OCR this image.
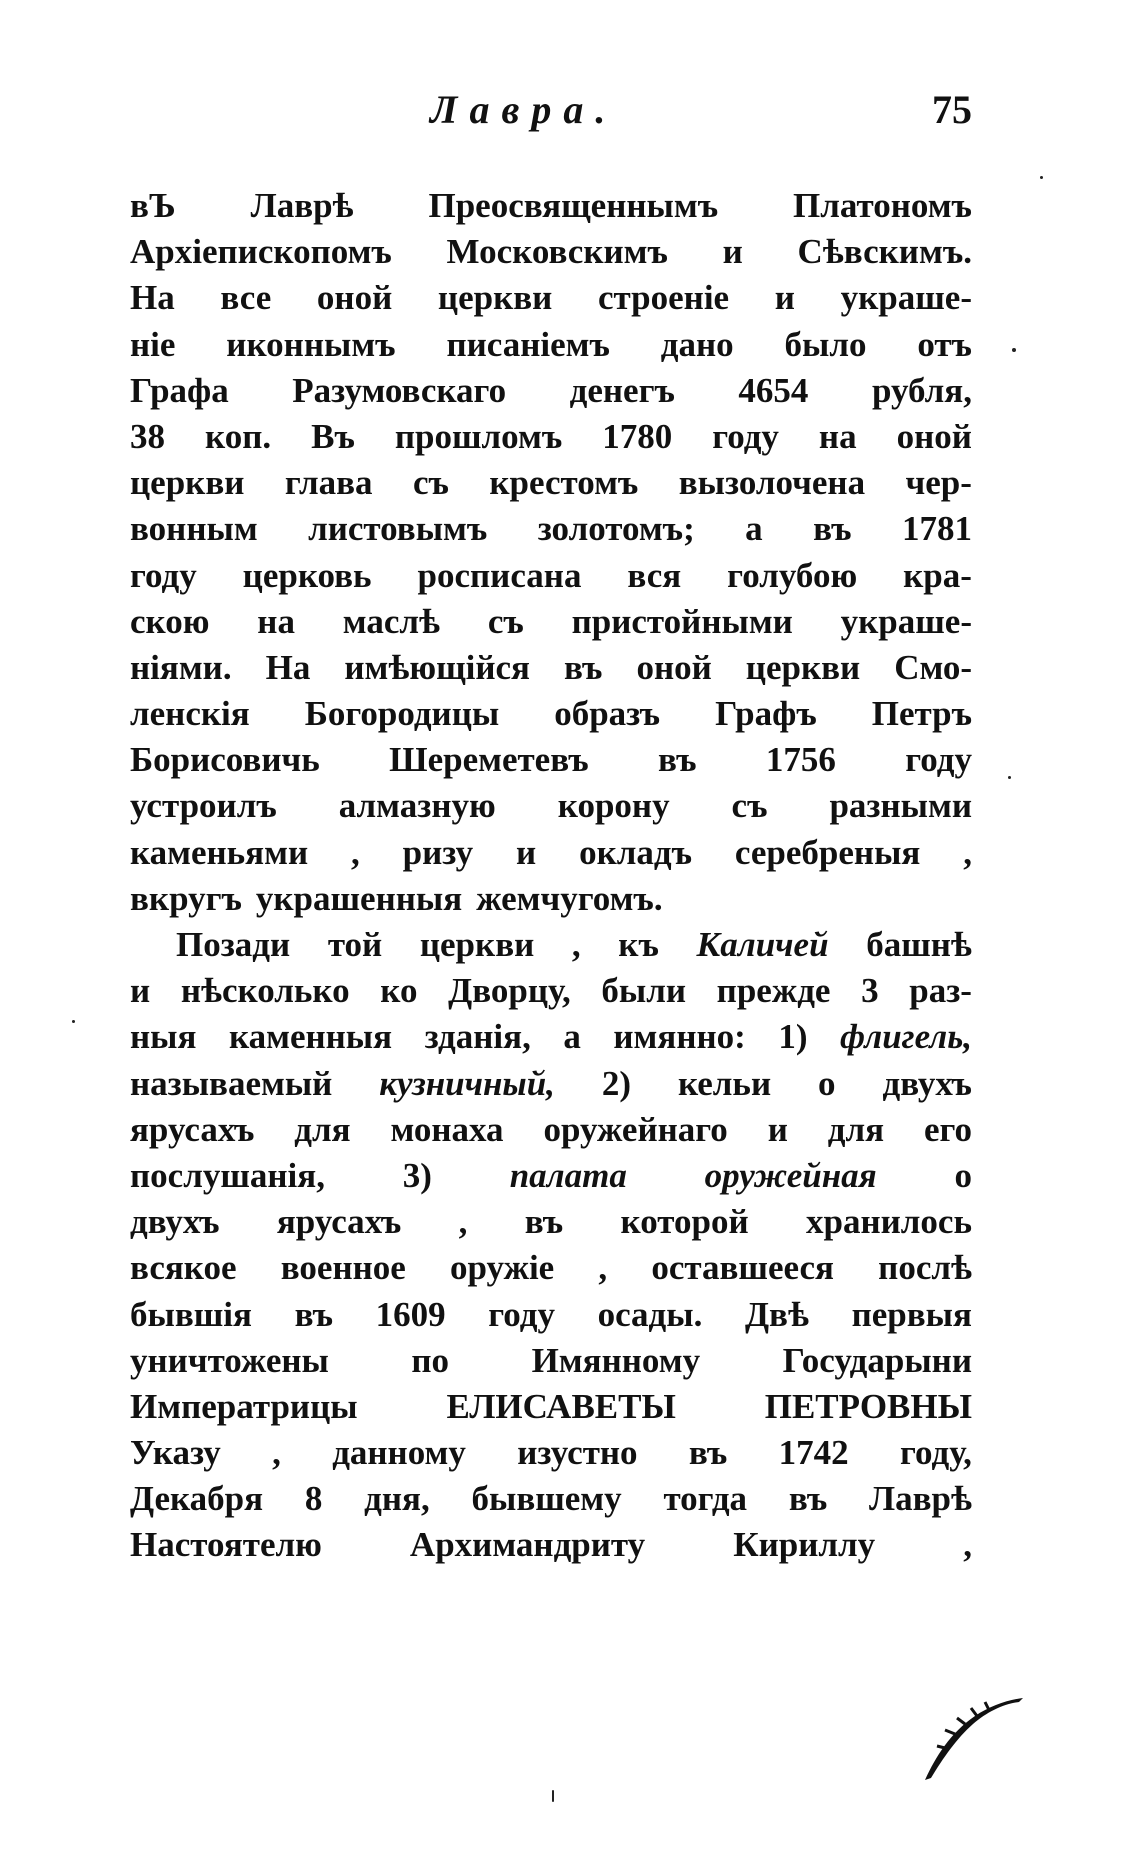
Лавра.	75
вЪ Лаврѣ Преосвященнымъ Платономъ
Архіепископомъ Московскимъ и Сѣвскимъ.
На все оной церкви строеніе и украше-
ніе иконнымъ писаніемъ дано было отъ
Графа Разумовскаго денегъ 4654 рубля,
38 коп. Въ прошломъ 1780 году на оной
церкви глава съ крестомъ вызолочена чер-
вонным листовымъ золотомъ; а въ 1781
году церковь росписана вся голубою кра-
скою на маслѣ съ пристойными украше-
ніями. На имѣющійся въ оной церкви Смо-
ленскія Богородицы образъ Графъ Петръ
Борисовичь Шереметевъ въ 1756 году
устроилъ алмазную корону съ разными
каменьями , ризу и окладъ серебреныя ,
вкругъ украшенныя жемчугомъ.
Позади той церкви , къ Каличей башнѣ
и нѣсколько ко Дворцу, были прежде 3 раз-
ныя каменныя зданія, а имянно: 1) флигель,
называемый кузничный, 2) кельи о двухъ
ярусахъ для монаха оружейнаго и для его
послушанія, 3) палата оружейная о
двухъ ярусахъ , въ которой хранилось
всякое военное оружіе , оставшееся послѣ
бывшія въ 1609 году осады. Двѣ первыя
уничтожены по Имянному Государыни
Императрицы	ЕЛИСАВЕТЫ	ПЕТРОВНЫ
Указу , данному изустно въ 1742 году,
Декабря 8 дня, бывшему тогда въ Лаврѣ
Настоятелю	Архимандриту	Кириллу	,
